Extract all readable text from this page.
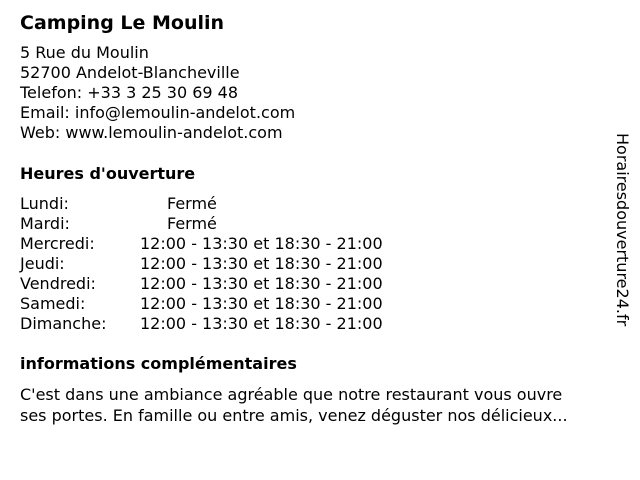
Camping Le Moulin
5 Rue du Moulin
52700 Andelot-Blancheville
Telefon: +33 3 25 30 69 48
Email: info@lemoulin-andelot.com
Web: www.lemoulin-andelot.com
Heures d'ouverture
Lundi:	Fermé
Mardi:	Fermé
Mercredi:	12:00 - 13:30 et 18:30 - 21:00
Jeudi:	12:00 - 13:30 et 18:30 - 21:00
Vendredi:	12:00 - 13:30 et 18:30 - 21:00
Samedi:	12:00 - 13:30 et 18:30 - 21:00
Dimanche: 12:00 - 13:30 et 18:30 - 21:00
informations complémentaires
C'est dans une ambiance agréable que notre restaurant vous ouvre
ses portes. En famille ou entre amis, venez déguster nos délicieux...
Horairesdouverture24.fr
